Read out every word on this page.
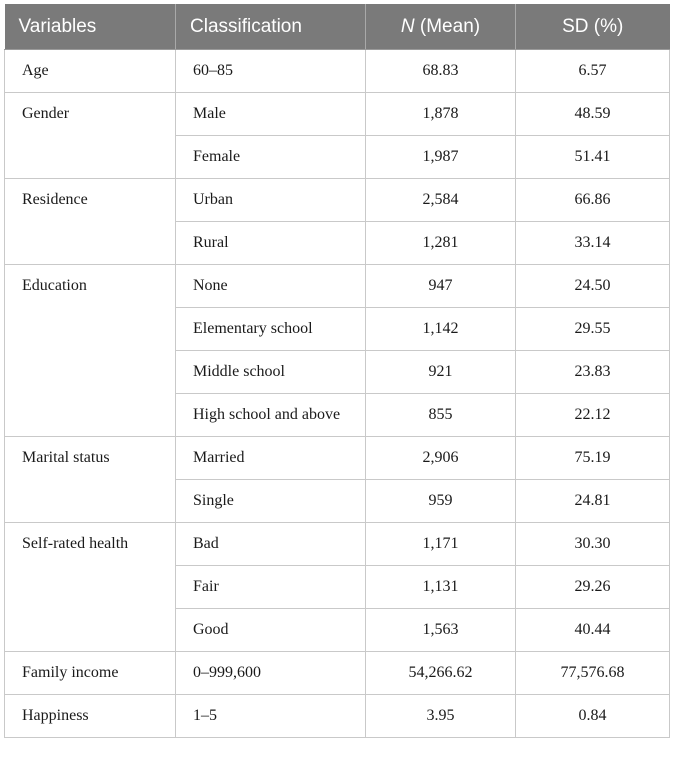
Variables	Classification	N (Mean)	SD (%)
Age	60–85	68.83	6.57
Gender	Male	1,878	48.59
	Female	1,987	51.41
Residence	Urban	2,584	66.86
	Rural	1,281	33.14
Education	None	947	24.50
	Elementary school	1,142	29.55
	Middle school	921	23.83
	High school and above	855	22.12
Marital status	Married	2,906	75.19
	Single	959	24.81
Self-rated health	Bad	1,171	30.30
	Fair	1,131	29.26
	Good	1,563	40.44
Family income	0–999,600	54,266.62	77,576.68
Happiness	1–5	3.95	0.84
